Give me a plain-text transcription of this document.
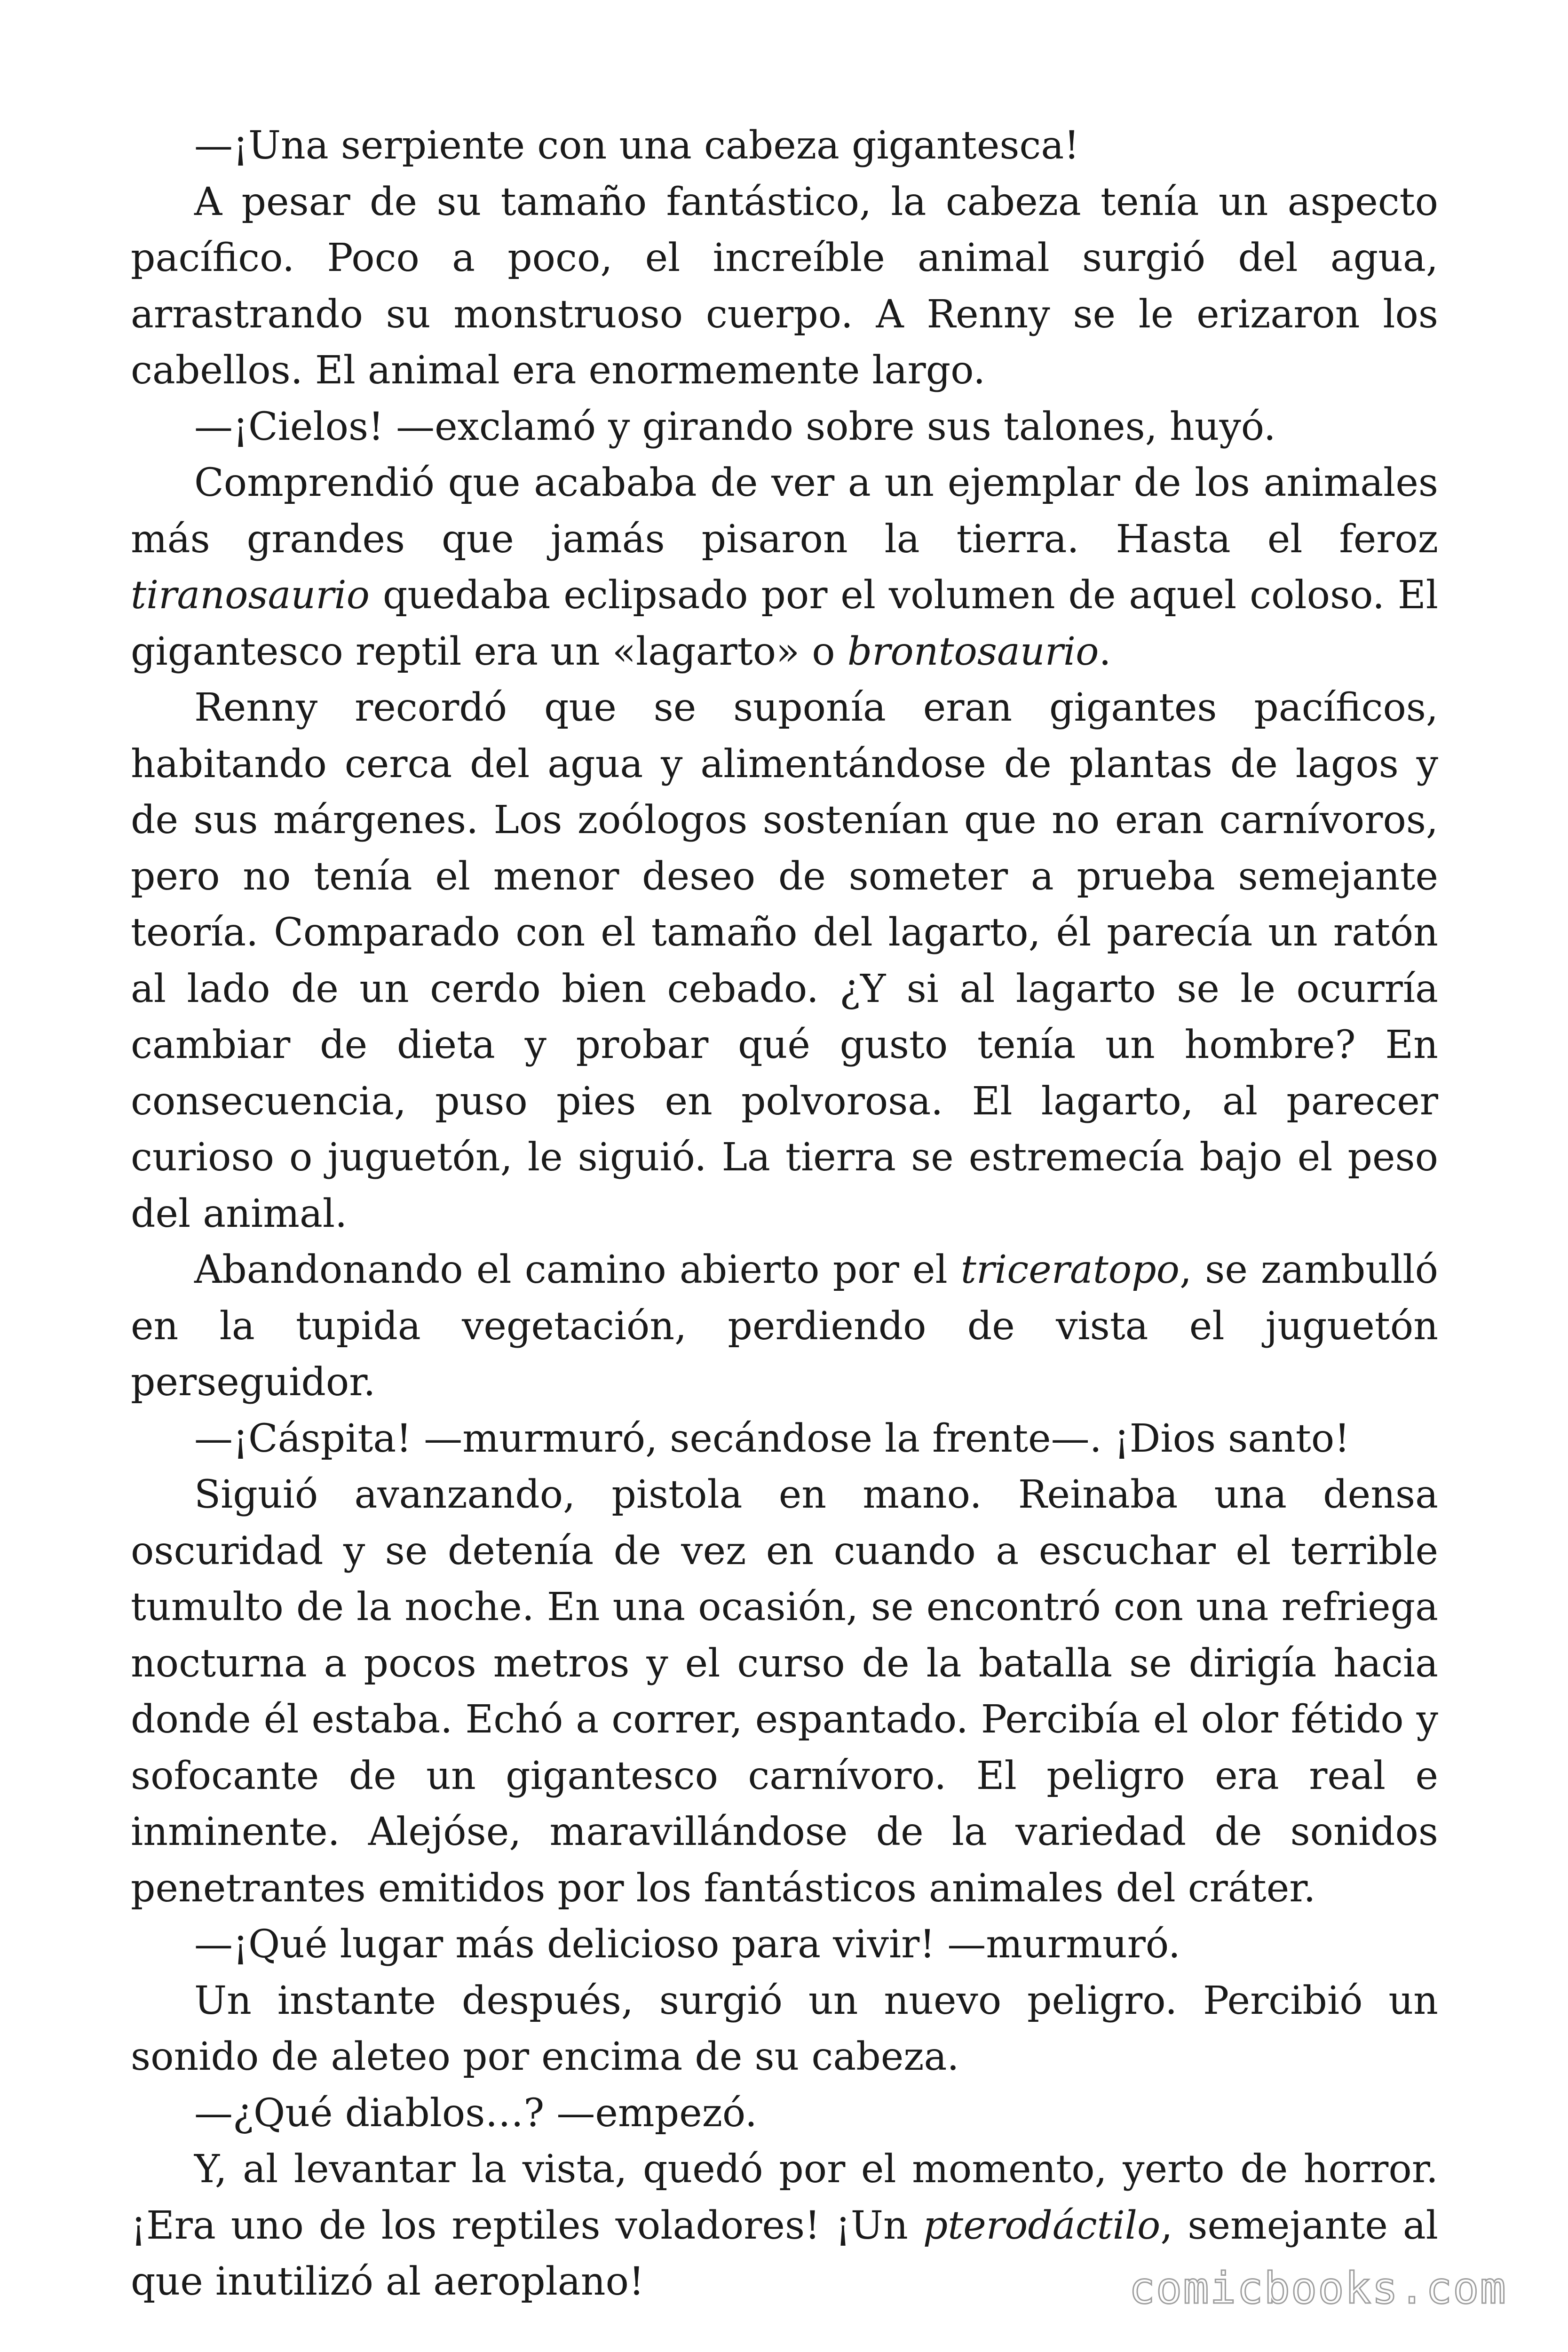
—¡Una serpiente con una cabeza gigantesca!

A pesar de su tamaño fantástico, la cabeza tenía un aspecto pacífico. Poco a poco, el increíble animal surgió del agua, arrastrando su monstruoso cuerpo. A Renny se le erizaron los cabellos. El animal era enormemente largo.

—¡Cielos! —exclamó y girando sobre sus talones, huyó.

Comprendió que acababa de ver a un ejemplar de los animales más grandes que jamás pisaron la tierra. Hasta el feroz tiranosaurio quedaba eclipsado por el volumen de aquel coloso. El gigantesco reptil era un «lagarto» o brontosaurio.

Renny recordó que se suponía eran gigantes pacíficos, habitando cerca del agua y alimentándose de plantas de lagos y de sus márgenes. Los zoólogos sostenían que no eran carnívoros, pero no tenía el menor deseo de someter a prueba semejante teoría. Comparado con el tamaño del lagarto, él parecía un ratón al lado de un cerdo bien cebado. ¿Y si al lagarto se le ocurría cambiar de dieta y probar qué gusto tenía un hombre? En consecuencia, puso pies en polvorosa. El lagarto, al parecer curioso o juguetón, le siguió. La tierra se estremecía bajo el peso del animal.

Abandonando el camino abierto por el triceratopo, se zambulló en la tupida vegetación, perdiendo de vista el juguetón perseguidor.

—¡Cáspita! —murmuró, secándose la frente—. ¡Dios santo!

Siguió avanzando, pistola en mano. Reinaba una densa oscuridad y se detenía de vez en cuando a escuchar el terrible tumulto de la noche. En una ocasión, se encontró con una refriega nocturna a pocos metros y el curso de la batalla se dirigía hacia donde él estaba. Echó a correr, espantado. Percibía el olor fétido y sofocante de un gigantesco carnívoro. El peligro era real e inminente. Alejóse, maravillándose de la variedad de sonidos penetrantes emitidos por los fantásticos animales del cráter.

—¡Qué lugar más delicioso para vivir! —murmuró.

Un instante después, surgió un nuevo peligro. Percibió un sonido de aleteo por encima de su cabeza.

—¿Qué diablos…? —empezó.

Y, al levantar la vista, quedó por el momento, yerto de horror. ¡Era uno de los reptiles voladores! ¡Un pterodáctilo, semejante al que inutilizó al aeroplano!	comicbooks.com
